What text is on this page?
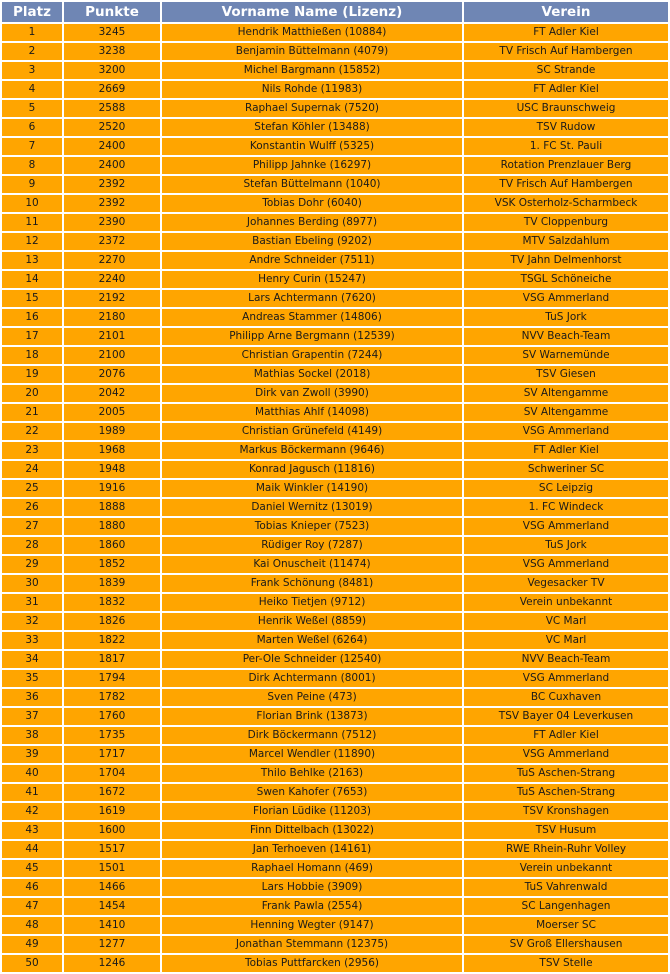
Platz	Punkte	Vorname Name (Lizenz)	Verein
1	3245	Hendrik Matthießen (10884)	FT Adler Kiel
2	3238	Benjamin Büttelmann (4079)	TV Frisch Auf Hambergen
3	3200	Michel Bargmann (15852)	SC Strande
4	2669	Nils Rohde (11983)	FT Adler Kiel
5	2588	Raphael Supernak (7520)	USC Braunschweig
6	2520	Stefan Köhler (13488)	TSV Rudow
7	2400	Konstantin Wulff (5325)	1. FC St. Pauli
8	2400	Philipp Jahnke (16297)	Rotation Prenzlauer Berg
9	2392	Stefan Büttelmann (1040)	TV Frisch Auf Hambergen
10	2392	Tobias Dohr (6040)	VSK Osterholz-Scharmbeck
11	2390	Johannes Berding (8977)	TV Cloppenburg
12	2372	Bastian Ebeling (9202)	MTV Salzdahlum
13	2270	Andre Schneider (7511)	TV Jahn Delmenhorst
14	2240	Henry Curin (15247)	TSGL Schöneiche
15	2192	Lars Achtermann (7620)	VSG Ammerland
16	2180	Andreas Stammer (14806)	TuS Jork
17	2101	Philipp Arne Bergmann (12539)	NVV Beach-Team
18	2100	Christian Grapentin (7244)	SV Warnemünde
19	2076	Mathias Sockel (2018)	TSV Giesen
20	2042	Dirk van Zwoll (3990)	SV Altengamme
21	2005	Matthias Ahlf (14098)	SV Altengamme
22	1989	Christian Grünefeld (4149)	VSG Ammerland
23	1968	Markus Böckermann (9646)	FT Adler Kiel
24	1948	Konrad Jagusch (11816)	Schweriner SC
25	1916	Maik Winkler (14190)	SC Leipzig
26	1888	Daniel Wernitz (13019)	1. FC Windeck
27	1880	Tobias Knieper (7523)	VSG Ammerland
28	1860	Rüdiger Roy (7287)	TuS Jork
29	1852	Kai Onuscheit (11474)	VSG Ammerland
30	1839	Frank Schönung (8481)	Vegesacker TV
31	1832	Heiko Tietjen (9712)	Verein unbekannt
32	1826	Henrik Weßel (8859)	VC Marl
33	1822	Marten Weßel (6264)	VC Marl
34	1817	Per-Ole Schneider (12540)	NVV Beach-Team
35	1794	Dirk Achtermann (8001)	VSG Ammerland
36	1782	Sven Peine (473)	BC Cuxhaven
37	1760	Florian Brink (13873)	TSV Bayer 04 Leverkusen
38	1735	Dirk Böckermann (7512)	FT Adler Kiel
39	1717	Marcel Wendler (11890)	VSG Ammerland
40	1704	Thilo Behlke (2163)	TuS Aschen-Strang
41	1672	Swen Kahofer (7653)	TuS Aschen-Strang
42	1619	Florian Lüdike (11203)	TSV Kronshagen
43	1600	Finn Dittelbach (13022)	TSV Husum
44	1517	Jan Terhoeven (14161)	RWE Rhein-Ruhr Volley
45	1501	Raphael Homann (469)	Verein unbekannt
46	1466	Lars Hobbie (3909)	TuS Vahrenwald
47	1454	Frank Pawla (2554)	SC Langenhagen
48	1410	Henning Wegter (9147)	Moerser SC
49	1277	Jonathan Stemmann (12375)	SV Groß Ellershausen
50	1246	Tobias Puttfarcken (2956)	TSV Stelle
